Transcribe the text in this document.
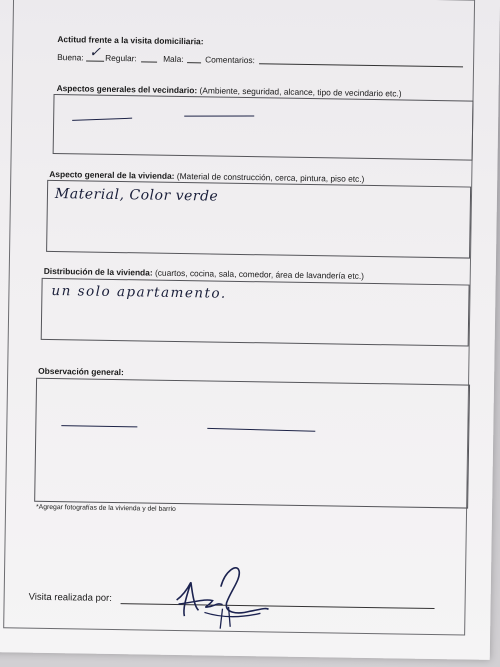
Actitud frente a la visita domiciliaria:
Buena: ✓ Regular:	Mala:	Comentarios:
Aspectos generales del vecindario: (Ambiente, seguridad, alcance, tipo de vecindario etc.)
Aspecto general de la vivienda: (Material de construcción, cerca, pintura, piso etc.)
Material, Color verde
Distribución de la vivienda: (cuartos, cocina, sala, comedor, área de lavandería etc.)
un solo apartamento.
Observación general:
*Agregar fotografías de la vivienda y del barrio
Visita realizada por:
